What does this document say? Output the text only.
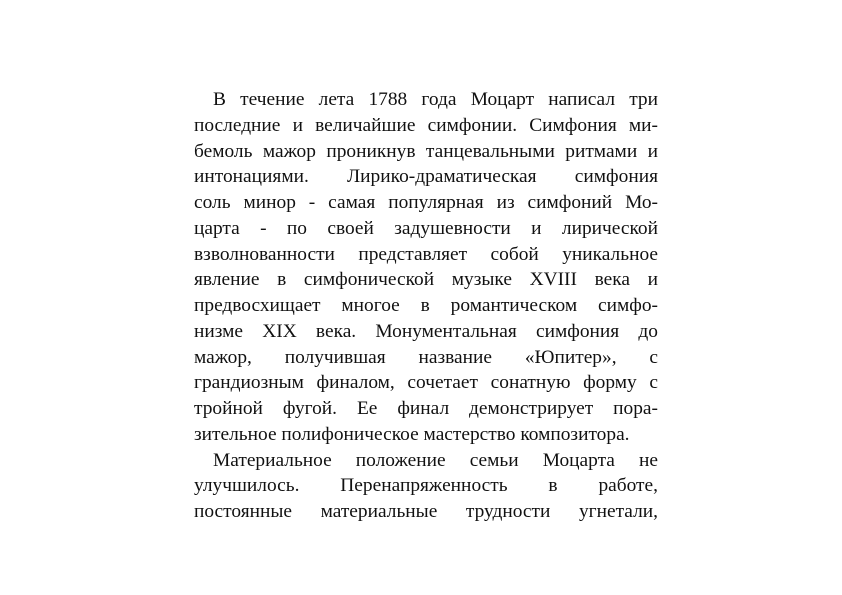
В течение лета 1788 года Моцарт написал три
последние и величайшие симфонии. Симфония ми-
бемоль мажор проникнув танцевальными ритмами и
интонациями. Лирико-драматическая симфония
соль минор - самая популярная из симфоний Мо-
царта - по своей задушевности и лирической
взволнованности представляет собой уникальное
явление в симфонической музыке XVIII века и
предвосхищает многое в романтическом симфо-
низме XIX века. Монументальная симфония до
мажор, получившая название «Юпитер», с
грандиозным финалом, сочетает сонатную форму с
тройной фугой. Ее финал демонстрирует пора-
зительное полифоническое мастерство композитора.
Материальное положение семьи Моцарта не
улучшилось. Перенапряженность в работе,
постоянные материальные трудности угнетали,
